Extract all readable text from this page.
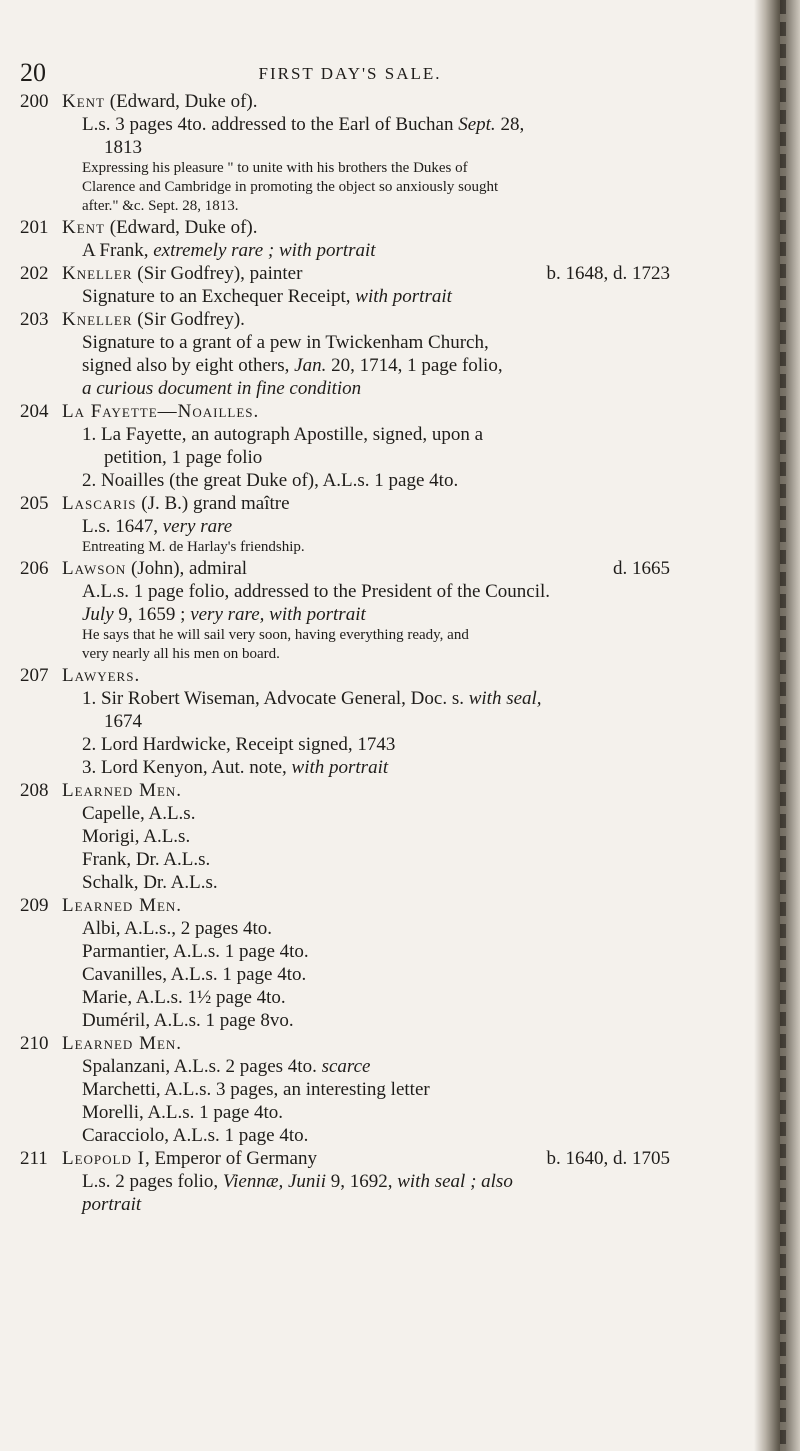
20	FIRST DAY'S SALE.
200 Kent (Edward, Duke of).
L.s. 3 pages 4to. addressed to the Earl of Buchan Sept. 28,
1813
Expressing his pleasure " to unite with his brothers the Dukes of
Clarence and Cambridge in promoting the object so anxiously sought
after." &c. Sept. 28, 1813.
201 Kent (Edward, Duke of).
A Frank, extremely rare ; with portrait
202 Kneller (Sir Godfrey), painter	b. 1648, d. 1723
Signature to an Exchequer Receipt, with portrait
203 Kneller (Sir Godfrey).
Signature to a grant of a pew in Twickenham Church,
signed also by eight others, Jan. 20, 1714, 1 page folio,
a curious document in fine condition
204 La Fayette—Noailles.
1. La Fayette, an autograph Apostille, signed, upon a
petition, 1 page folio
2. Noailles (the great Duke of), A.L.s. 1 page 4to.
205 Lascaris (J. B.) grand maître
L.s. 1647, very rare
Entreating M. de Harlay's friendship.
206 Lawson (John), admiral	d. 1665
A.L.s. 1 page folio, addressed to the President of the Council.
July 9, 1659 ; very rare, with portrait
He says that he will sail very soon, having everything ready, and
very nearly all his men on board.
207 Lawyers.
1. Sir Robert Wiseman, Advocate General, Doc. s. with seal,
1674
2. Lord Hardwicke, Receipt signed, 1743
3. Lord Kenyon, Aut. note, with portrait
208 Learned Men.
Capelle, A.L.s.
Morigi, A.L.s.
Frank, Dr. A.L.s.
Schalk, Dr. A.L.s.
209 Learned Men.
Albi, A.L.s., 2 pages 4to.
Parmantier, A.L.s. 1 page 4to.
Cavanilles, A.L.s. 1 page 4to.
Marie, A.L.s. 1½ page 4to.
Duméril, A.L.s. 1 page 8vo.
210 Learned Men.
Spalanzani, A.L.s. 2 pages 4to. scarce
Marchetti, A.L.s. 3 pages, an interesting letter
Morelli, A.L.s. 1 page 4to.
Caracciolo, A.L.s. 1 page 4to.
211 Leopold I, Emperor of Germany	b. 1640, d. 1705
L.s. 2 pages folio, Viennæ, Junii 9, 1692, with seal ; also
portrait
